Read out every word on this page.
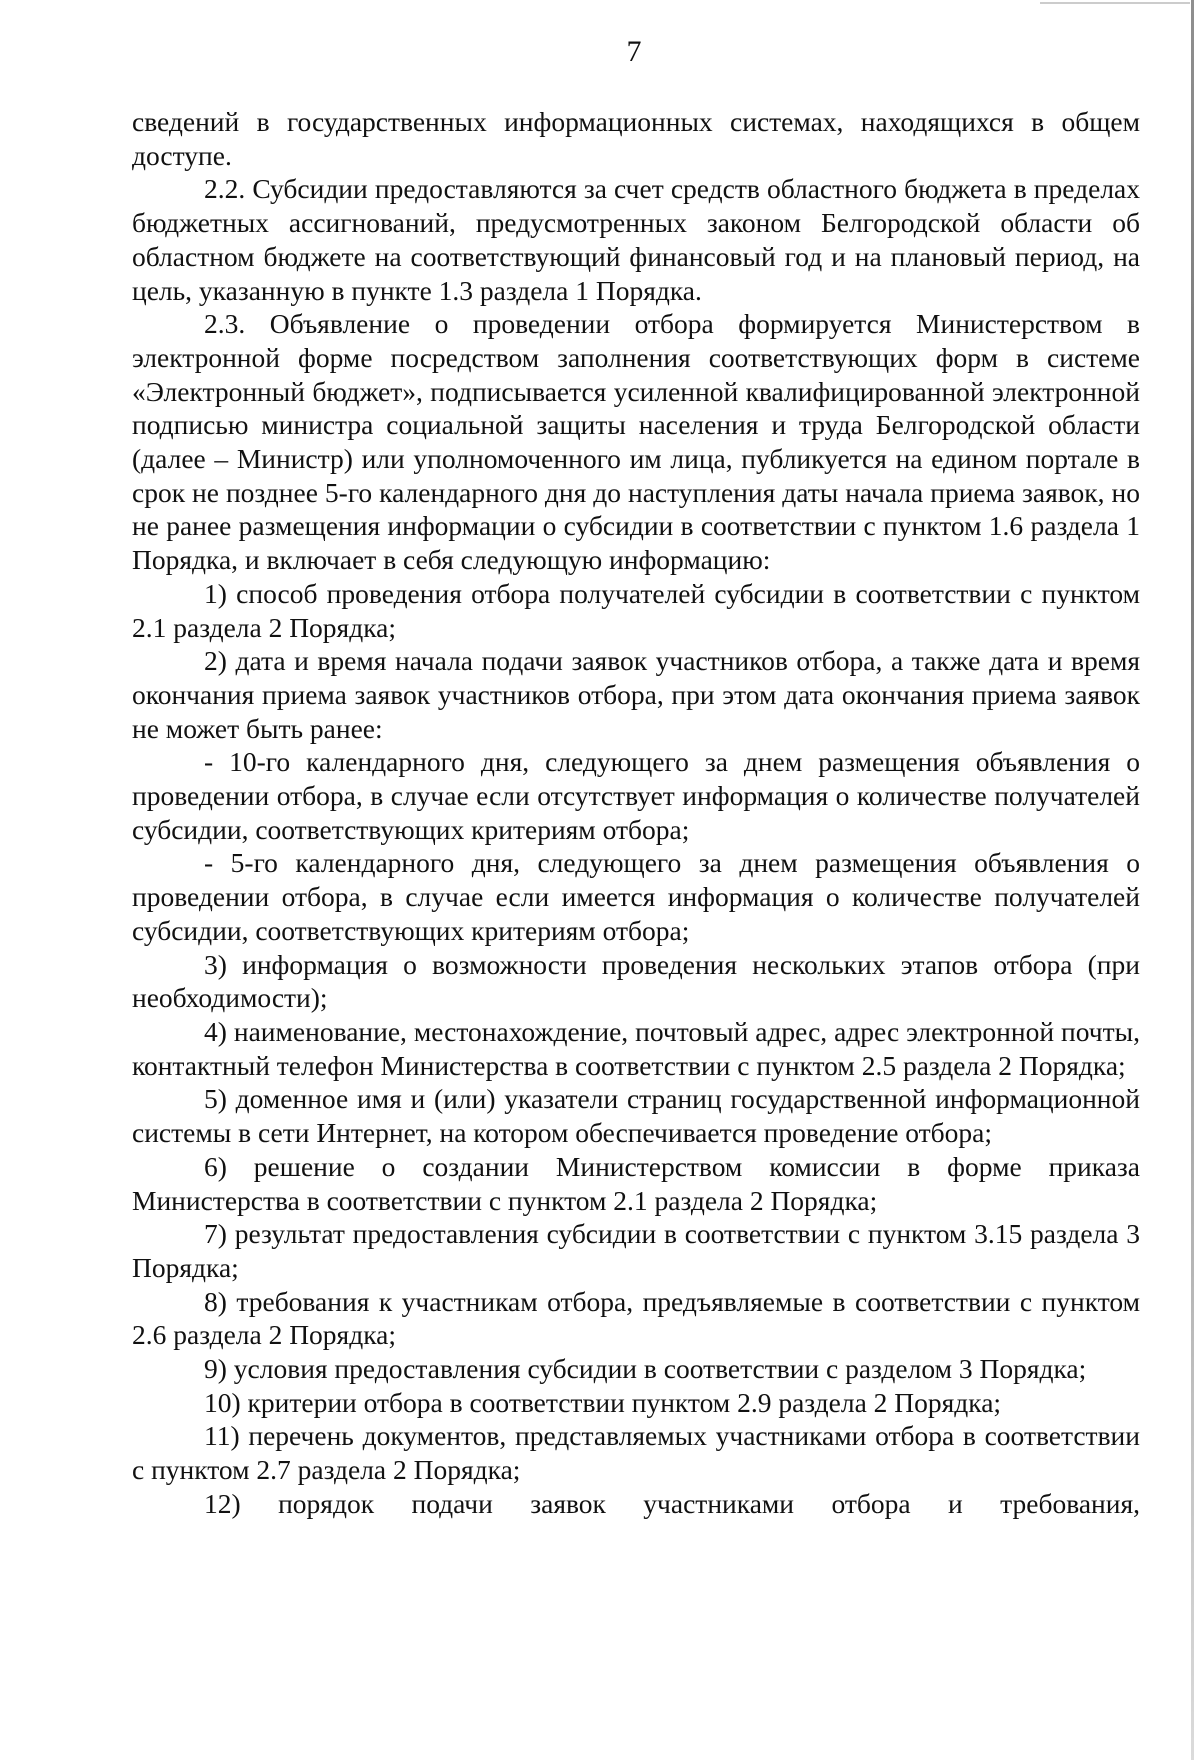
7

сведений в государственных информационных системах, находящихся в общем доступе.

2.2. Субсидии предоставляются за счет средств областного бюджета в пределах бюджетных ассигнований, предусмотренных законом Белгородской области об областном бюджете на соответствующий финансовый год и на плановый период, на цель, указанную в пункте 1.3 раздела 1 Порядка.

2.3. Объявление о проведении отбора формируется Министерством в электронной форме посредством заполнения соответствующих форм в системе «Электронный бюджет», подписывается усиленной квалифицированной электронной подписью министра социальной защиты населения и труда Белгородской области (далее – Министр) или уполномоченного им лица, публикуется на едином портале в срок не позднее 5-го календарного дня до наступления даты начала приема заявок, но не ранее размещения информации о субсидии в соответствии с пунктом 1.6 раздела 1 Порядка, и включает в себя следующую информацию:

1) способ проведения отбора получателей субсидии в соответствии с пунктом 2.1 раздела 2 Порядка;

2) дата и время начала подачи заявок участников отбора, а также дата и время окончания приема заявок участников отбора, при этом дата окончания приема заявок не может быть ранее:

- 10-го календарного дня, следующего за днем размещения объявления о проведении отбора, в случае если отсутствует информация о количестве получателей субсидии, соответствующих критериям отбора;

- 5-го календарного дня, следующего за днем размещения объявления о проведении отбора, в случае если имеется информация о количестве получателей субсидии, соответствующих критериям отбора;

3) информация о возможности проведения нескольких этапов отбора (при необходимости);

4) наименование, местонахождение, почтовый адрес, адрес электронной почты, контактный телефон Министерства в соответствии с пунктом 2.5 раздела 2 Порядка;

5) доменное имя и (или) указатели страниц государственной информационной системы в сети Интернет, на котором обеспечивается проведение отбора;

6) решение о создании Министерством комиссии в форме приказа Министерства в соответствии с пунктом 2.1 раздела 2 Порядка;

7) результат предоставления субсидии в соответствии с пунктом 3.15 раздела 3 Порядка;

8) требования к участникам отбора, предъявляемые в соответствии с пунктом 2.6 раздела 2 Порядка;

9) условия предоставления субсидии в соответствии с разделом 3 Порядка;

10) критерии отбора в соответствии пунктом 2.9 раздела 2 Порядка;

11) перечень документов, представляемых участниками отбора в соответствии с пунктом 2.7 раздела 2 Порядка;

12) порядок подачи заявок участниками отбора и требования,
